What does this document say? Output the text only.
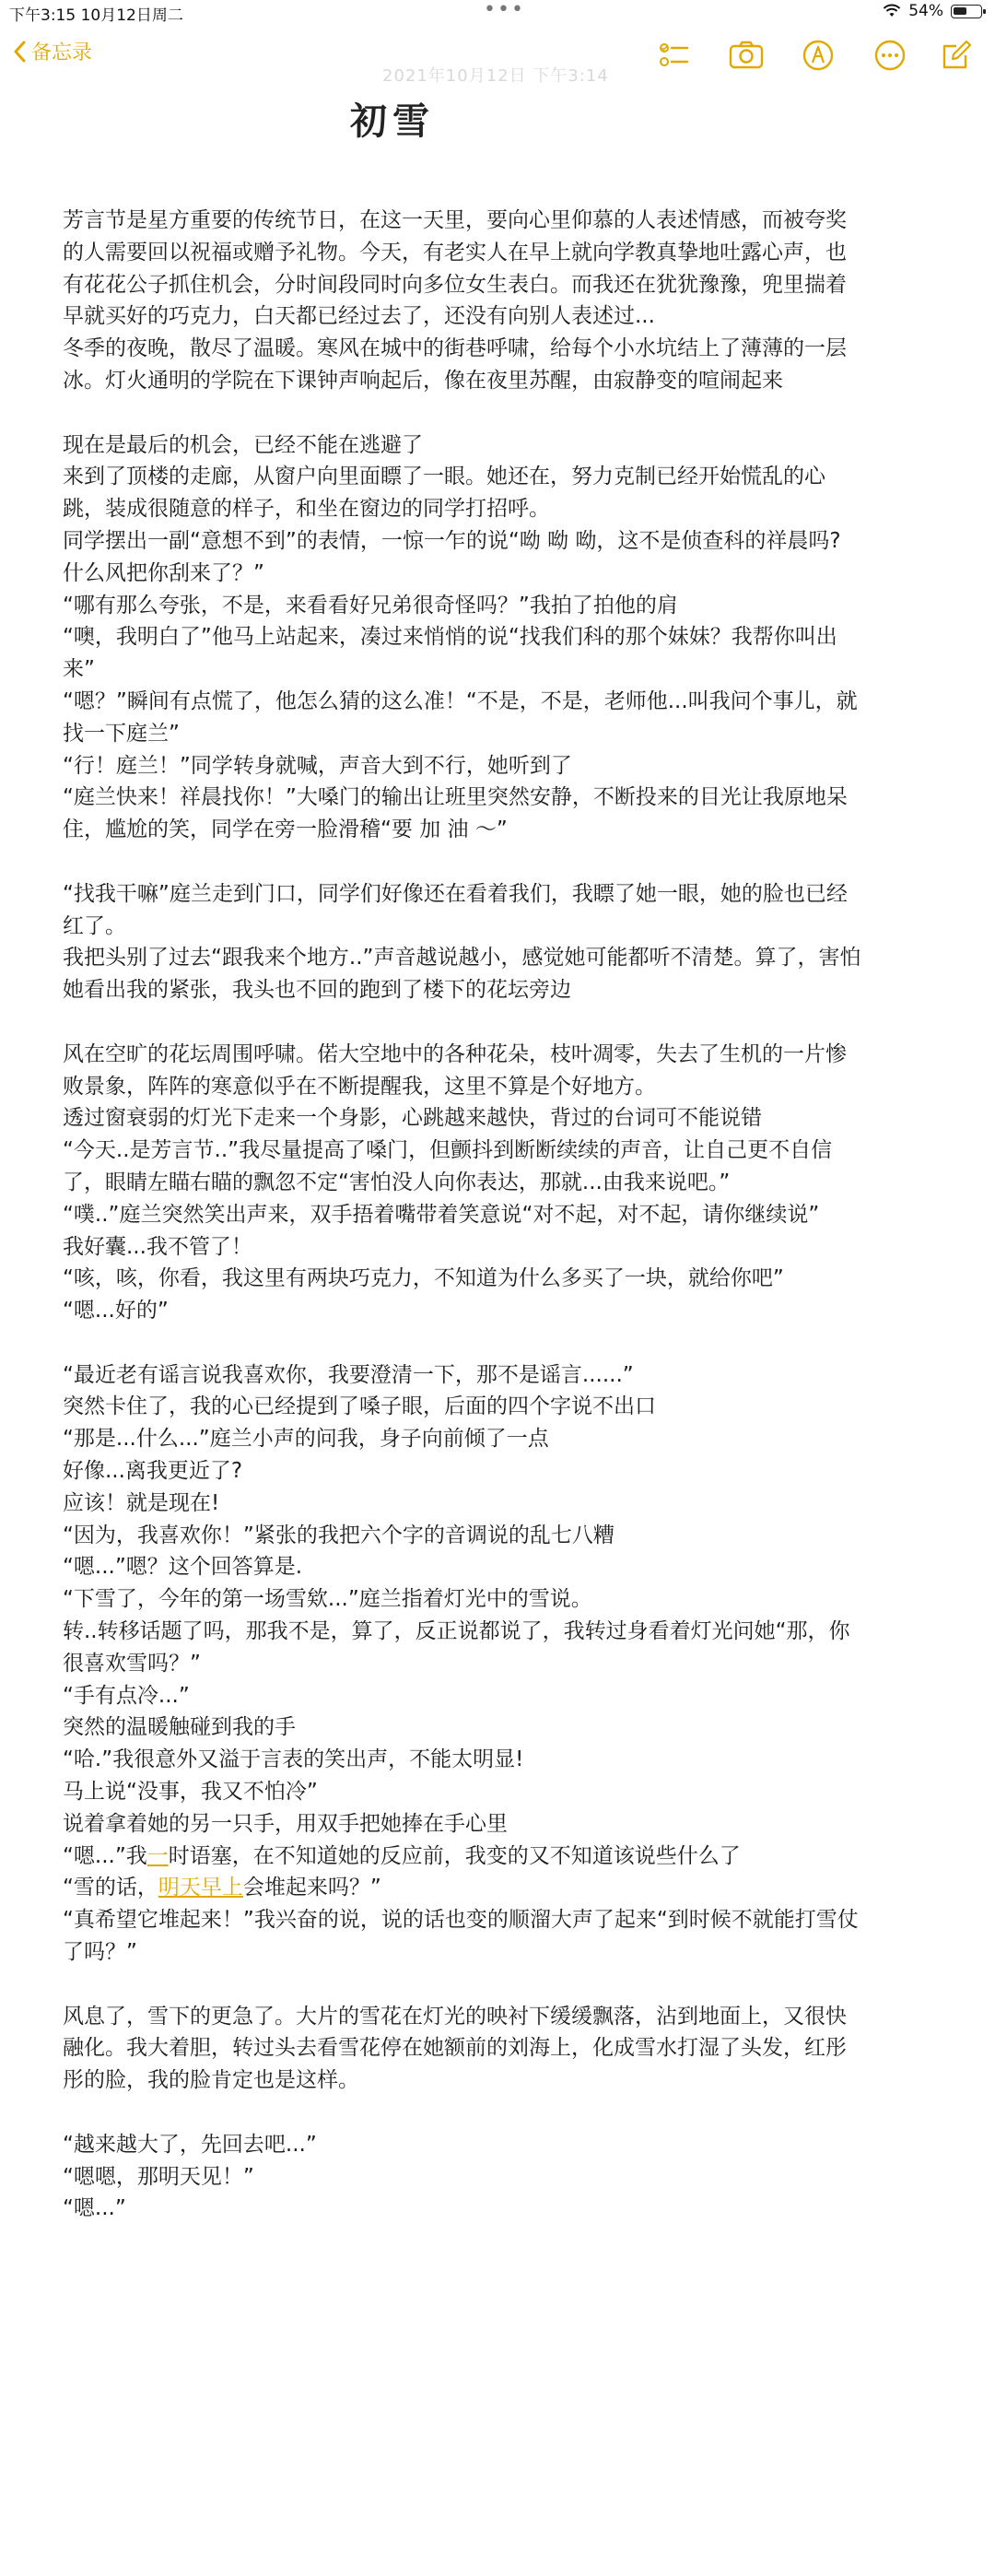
下午3:15 10月12日周二	•••	54%
备忘录
2021年10月12日 下午3:14
初雪
芳言节是星方重要的传统节日，在这一天里，要向心里仰慕的人表述情感，而被夸奖
的人需要回以祝福或赠予礼物。今天，有老实人在早上就向学教真挚地吐露心声，也
有花花公子抓住机会，分时间段同时向多位女生表白。而我还在犹犹豫豫，兜里揣着
早就买好的巧克力，白天都已经过去了，还没有向别人表述过...
冬季的夜晚，散尽了温暖。寒风在城中的街巷呼啸，给每个小水坑结上了薄薄的一层
冰。灯火通明的学院在下课钟声响起后，像在夜里苏醒，由寂静变的喧闹起来
现在是最后的机会，已经不能在逃避了
来到了顶楼的走廊，从窗户向里面瞟了一眼。她还在，努力克制已经开始慌乱的心
跳，装成很随意的样子，和坐在窗边的同学打招呼。
同学摆出一副“意想不到”的表情，一惊一乍的说“呦 呦 呦，这不是侦查科的祥晨吗?
什么风把你刮来了？”
“哪有那么夸张，不是，来看看好兄弟很奇怪吗？”我拍了拍他的肩
“噢，我明白了”他马上站起来，凑过来悄悄的说“找我们科的那个妹妹？我帮你叫出
来”
“嗯？”瞬间有点慌了，他怎么猜的这么准！“不是，不是，老师他...叫我问个事儿，就
找一下庭兰”
“行！庭兰！”同学转身就喊，声音大到不行，她听到了
“庭兰快来！祥晨找你！”大嗓门的输出让班里突然安静，不断投来的目光让我原地呆
住，尴尬的笑，同学在旁一脸滑稽“要 加 油 ～”
“找我干嘛”庭兰走到门口，同学们好像还在看着我们，我瞟了她一眼，她的脸也已经
红了。
我把头别了过去“跟我来个地方..”声音越说越小，感觉她可能都听不清楚。算了，害怕
她看出我的紧张，我头也不回的跑到了楼下的花坛旁边
风在空旷的花坛周围呼啸。偌大空地中的各种花朵，枝叶凋零，失去了生机的一片惨
败景象，阵阵的寒意似乎在不断提醒我，这里不算是个好地方。
透过窗衰弱的灯光下走来一个身影，心跳越来越快，背过的台词可不能说错
“今天..是芳言节..”我尽量提高了嗓门，但颤抖到断断续续的声音，让自己更不自信
了，眼睛左瞄右瞄的飘忽不定“害怕没人向你表达，那就...由我来说吧。”
“噗..”庭兰突然笑出声来，双手捂着嘴带着笑意说“对不起，对不起，请你继续说”
我好囊...我不管了！
“咳，咳，你看，我这里有两块巧克力，不知道为什么多买了一块，就给你吧”
“嗯...好的”
“最近老有谣言说我喜欢你，我要澄清一下，那不是谣言......”
突然卡住了，我的心已经提到了嗓子眼，后面的四个字说不出口
“那是...什么...”庭兰小声的问我，身子向前倾了一点
好像...离我更近了?
应该！就是现在!
“因为，我喜欢你！”紧张的我把六个字的音调说的乱七八糟
“嗯...”嗯？这个回答算是.
“下雪了，今年的第一场雪欸...”庭兰指着灯光中的雪说。
转..转移话题了吗，那我不是，算了，反正说都说了，我转过身看着灯光问她“那，你
很喜欢雪吗？”
“手有点冷...”
突然的温暖触碰到我的手
“哈.”我很意外又溢于言表的笑出声，不能太明显!
马上说“没事，我又不怕冷”
说着拿着她的另一只手，用双手把她捧在手心里
“嗯...”我一时语塞，在不知道她的反应前，我变的又不知道该说些什么了
“雪的话，明天早上会堆起来吗？”
“真希望它堆起来！”我兴奋的说，说的话也变的顺溜大声了起来“到时候不就能打雪仗
了吗？”
风息了，雪下的更急了。大片的雪花在灯光的映衬下缓缓飘落，沾到地面上，又很快
融化。我大着胆，转过头去看雪花停在她额前的刘海上，化成雪水打湿了头发，红彤
彤的脸，我的脸肯定也是这样。
“越来越大了，先回去吧...”
“嗯嗯，那明天见！”
“嗯...”
